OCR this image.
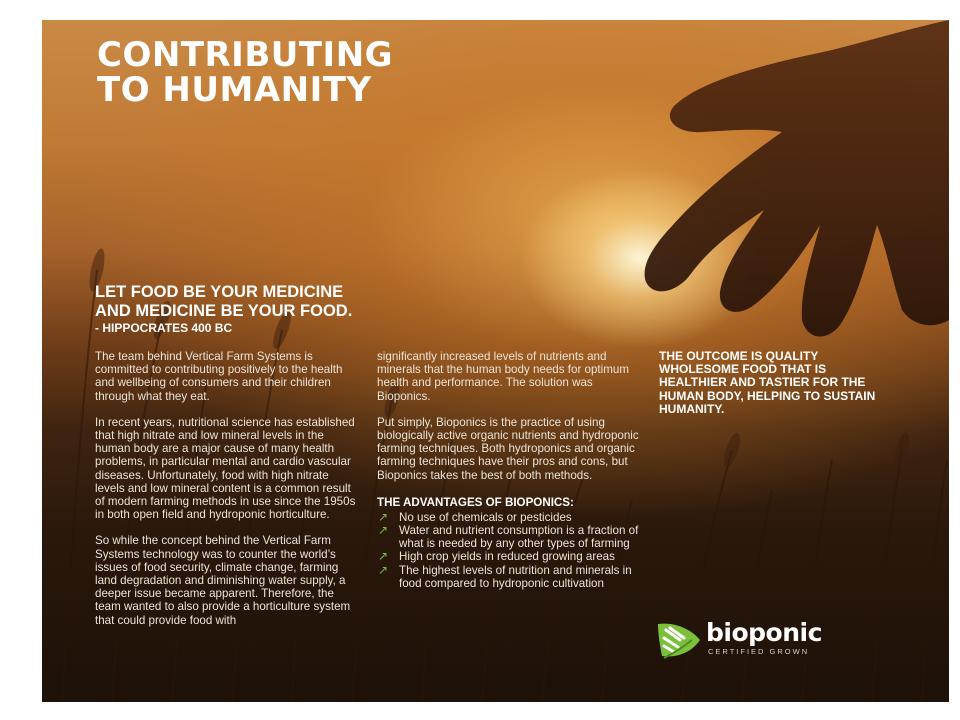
CONTRIBUTING
TO HUMANITY
LET FOOD BE YOUR MEDICINE
AND MEDICINE BE YOUR FOOD.

- HIPPOCRATES 400 BC

The team behind Vertical Farm Systems is committed to contributing positively to the health and wellbeing of consumers and their children through what they eat.

In recent years, nutritional science has established that high nitrate and low mineral levels in the human body are a major cause of many health problems, in particular mental and cardio vascular diseases. Unfortunately, food with high nitrate levels and low mineral content is a common result of modern farming methods in use since the 1950s in both open field and hydroponic horticulture.

So while the concept behind the Vertical Farm Systems technology was to counter the world’s issues of food security, climate change, farming land degradation and diminishing water supply, a deeper issue became apparent. Therefore, the team wanted to also provide a horticulture system that could provide food with

significantly increased levels of nutrients and minerals that the human body needs for optimum health and performance. The solution was Bioponics.

Put simply, Bioponics is the practice of using biologically active organic nutrients and hydroponic farming techniques. Both hydroponics and organic farming techniques have their pros and cons, but Bioponics takes the best of both methods.

THE ADVANTAGES OF BIOPONICS:
↗ No use of chemicals or pesticides
↗ Water and nutrient consumption is a fraction of what is needed by any other types of farming
↗ High crop yields in reduced growing areas
↗ The highest levels of nutrition and minerals in food compared to hydroponic cultivation

THE OUTCOME IS QUALITY WHOLESOME FOOD THAT IS HEALTHIER AND TASTIER FOR THE HUMAN BODY, HELPING TO SUSTAIN HUMANITY.

bioponic

CERTIFIED GROWN
